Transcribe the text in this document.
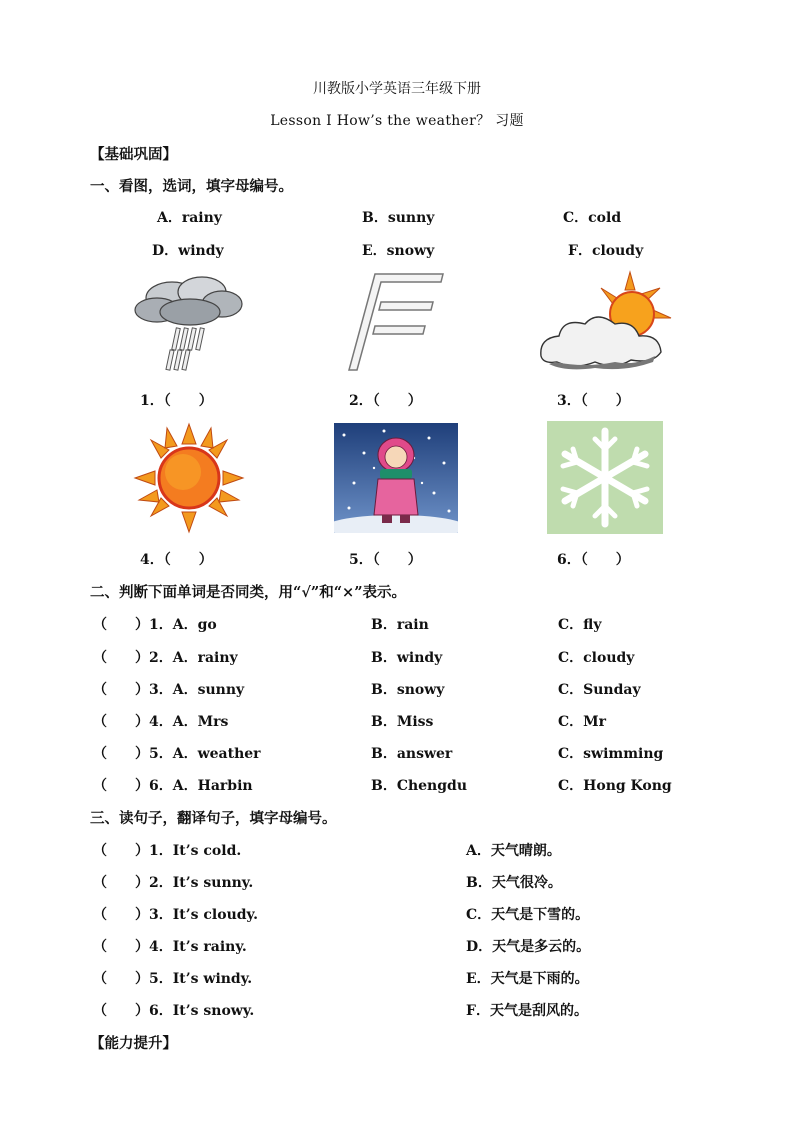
川教版小学英语三年级下册
Lesson I How’s the weather？ 习题
【基础巩固】
一、看图，选词，填字母编号。
A．rainy	B．sunny	C．cold
D．windy	E．snowy	F．cloudy
1．（　　）	2．（　　）	3．（　　）
4．（　　）	5．（　　）	6．（　　）
二、判断下面单词是否同类，用“√”和“×”表示。
（　　）1．A．go	B．rain	C．fly
（　　）2．A．rainy	B．windy	C．cloudy
（　　）3．A．sunny	B．snowy	C．Sunday
（　　）4．A．Mrs	B．Miss	C．Mr
（　　）5．A．weather	B．answer	C．swimming
（　　）6．A．Harbin	B．Chengdu	C．Hong Kong
三、读句子，翻译句子，填字母编号。
（　　）1．It’s cold.	A．天气晴朗。
（　　）2．It’s sunny.	B．天气很冷。
（　　）3．It’s cloudy.	C．天气是下雪的。
（　　）4．It’s rainy.	D．天气是多云的。
（　　）5．It’s windy.	E．天气是下雨的。
（　　）6．It’s snowy.	F．天气是刮风的。
【能力提升】
